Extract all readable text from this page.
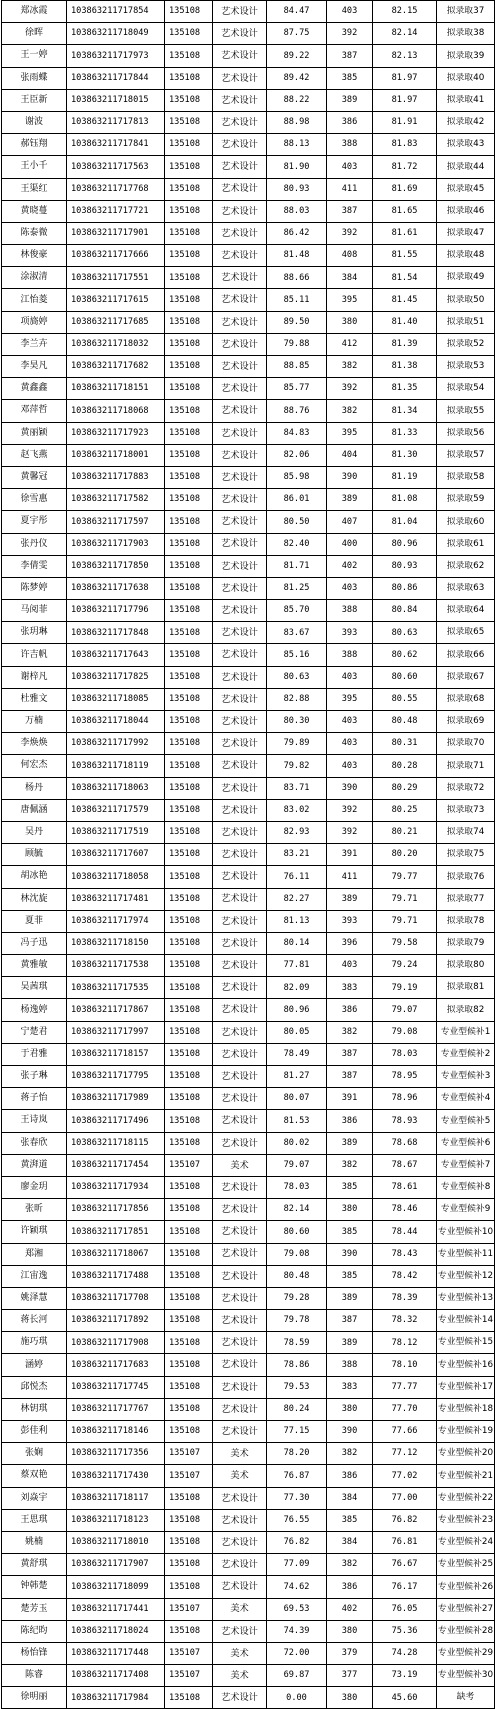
郑冰霞	103863211717854	135108	艺术设计	84.47	403	82.15	拟录取37
徐晖	103863211718049	135108	艺术设计	87.75	392	82.14	拟录取38
王一婷	103863211717973	135108	艺术设计	89.22	387	82.13	拟录取39
张雨蝶	103863211717844	135108	艺术设计	89.42	385	81.97	拟录取40
王臣新	103863211718015	135108	艺术设计	88.22	389	81.97	拟录取41
谢波	103863211717813	135108	艺术设计	88.98	386	81.91	拟录取42
郝钰翔	103863211717841	135108	艺术设计	88.13	388	81.83	拟录取43
王小千	103863211717563	135108	艺术设计	81.90	403	81.72	拟录取44
王渠红	103863211717768	135108	艺术设计	80.93	411	81.69	拟录取45
黄晓蔓	103863211717721	135108	艺术设计	88.03	387	81.65	拟录取46
陈泰微	103863211717901	135108	艺术设计	86.42	392	81.61	拟录取47
林俊豪	103863211717666	135108	艺术设计	81.48	408	81.55	拟录取48
涂淑清	103863211717551	135108	艺术设计	88.66	384	81.54	拟录取49
江怡菱	103863211717615	135108	艺术设计	85.11	395	81.45	拟录取50
项旖婷	103863211717685	135108	艺术设计	89.50	380	81.40	拟录取51
李兰卉	103863211718032	135108	艺术设计	79.88	412	81.39	拟录取52
李昊凡	103863211717682	135108	艺术设计	88.85	382	81.38	拟录取53
黄鑫鑫	103863211718151	135108	艺术设计	85.77	392	81.35	拟录取54
邓萍哲	103863211718068	135108	艺术设计	88.76	382	81.34	拟录取55
黄丽颖	103863211717923	135108	艺术设计	84.83	395	81.33	拟录取56
赵飞燕	103863211718001	135108	艺术设计	82.06	404	81.30	拟录取57
黄馨冠	103863211717883	135108	艺术设计	85.98	390	81.19	拟录取58
徐雪惠	103863211717582	135108	艺术设计	86.01	389	81.08	拟录取59
夏宇彤	103863211717597	135108	艺术设计	80.50	407	81.04	拟录取60
张丹仪	103863211717903	135108	艺术设计	82.40	400	80.96	拟录取61
李倩雯	103863211717850	135108	艺术设计	81.71	402	80.93	拟录取62
陈梦婷	103863211717638	135108	艺术设计	81.25	403	80.86	拟录取63
马阅菲	103863211717796	135108	艺术设计	85.70	388	80.84	拟录取64
张玥琳	103863211717848	135108	艺术设计	83.67	393	80.63	拟录取65
许吉帆	103863211717643	135108	艺术设计	85.16	388	80.62	拟录取66
谢梓凡	103863211717825	135108	艺术设计	80.63	403	80.60	拟录取67
杜雅文	103863211718085	135108	艺术设计	82.88	395	80.55	拟录取68
万楠	103863211718044	135108	艺术设计	80.30	403	80.48	拟录取69
李焕焕	103863211717992	135108	艺术设计	79.89	403	80.31	拟录取70
何宏杰	103863211718119	135108	艺术设计	79.82	403	80.28	拟录取71
杨丹	103863211718063	135108	艺术设计	83.71	390	80.29	拟录取72
唐佩涵	103863211717579	135108	艺术设计	83.02	392	80.25	拟录取73
吴丹	103863211717519	135108	艺术设计	82.93	392	80.21	拟录取74
顾毓	103863211717607	135108	艺术设计	83.21	391	80.20	拟录取75
胡冰艳	103863211718058	135108	艺术设计	76.11	411	79.77	拟录取76
林沈旋	103863211717481	135108	艺术设计	82.27	389	79.71	拟录取77
夏菲	103863211717974	135108	艺术设计	81.13	393	79.71	拟录取78
冯子迅	103863211718150	135108	艺术设计	80.14	396	79.58	拟录取79
黄雅敏	103863211717538	135108	艺术设计	77.81	403	79.24	拟录取80
吴茜琪	103863211717535	135108	艺术设计	82.09	383	79.19	拟录取81
杨逸婷	103863211717867	135108	艺术设计	80.96	386	79.07	拟录取82
宁楚君	103863211717997	135108	艺术设计	80.05	382	79.08	专业型候补1
于君雅	103863211718157	135108	艺术设计	78.49	387	78.03	专业型候补2
张子琳	103863211717795	135108	艺术设计	81.27	387	78.95	专业型候补3
蒋子怡	103863211717989	135108	艺术设计	80.07	391	78.96	专业型候补4
王诗岚	103863211717496	135108	艺术设计	81.53	386	78.93	专业型候补5
张春欣	103863211718115	135108	艺术设计	80.02	389	78.68	专业型候补6
黄湃道	103863211717454	135107	美术	79.07	382	78.67	专业型候补7
廖金玥	103863211717934	135108	艺术设计	78.03	385	78.61	专业型候补8
张昕	103863211717856	135108	艺术设计	82.14	380	78.46	专业型候补9
许颖琪	103863211717851	135108	艺术设计	80.60	385	78.44	专业型候补10
郑湘	103863211718067	135108	艺术设计	79.08	390	78.43	专业型候补11
江宙逸	103863211717488	135108	艺术设计	80.48	385	78.42	专业型候补12
姚泽慧	103863211717708	135108	艺术设计	79.28	389	78.39	专业型候补13
蒋长河	103863211717892	135108	艺术设计	79.78	387	78.32	专业型候补14
施巧琪	103863211717908	135108	艺术设计	78.59	389	78.12	专业型候补15
涵婷	103863211717683	135108	艺术设计	78.86	388	78.10	专业型候补16
邱悦杰	103863211717745	135108	艺术设计	79.53	383	77.77	专业型候补17
林钥琪	103863211717767	135108	艺术设计	80.24	380	77.70	专业型候补18
彭佳利	103863211718146	135108	艺术设计	77.15	390	77.66	专业型候补19
张娴	103863211717356	135107	美术	78.20	382	77.12	专业型候补20
蔡双艳	103863211717430	135107	美术	76.87	386	77.02	专业型候补21
刘焱宇	103863211718117	135108	艺术设计	77.30	384	77.00	专业型候补22
王思琪	103863211718123	135108	艺术设计	76.55	385	76.82	专业型候补23
姚楠	103863211718010	135108	艺术设计	76.82	384	76.81	专业型候补24
黄舒琪	103863211717907	135108	艺术设计	77.09	382	76.67	专业型候补25
钟韩楚	103863211718099	135108	艺术设计	74.62	386	76.17	专业型候补26
楚芳玉	103863211717441	135107	美术	69.53	402	76.05	专业型候补27
陈纪昀	103863211718024	135108	艺术设计	74.39	380	75.36	专业型候补28
杨怡锋	103863211717448	135107	美术	72.00	379	74.28	专业型候补29
陈睿	103863211717408	135107	美术	69.87	377	73.19	专业型候补30
徐明丽	103863211717984	135108	艺术设计	0.00	380	45.60	缺考
